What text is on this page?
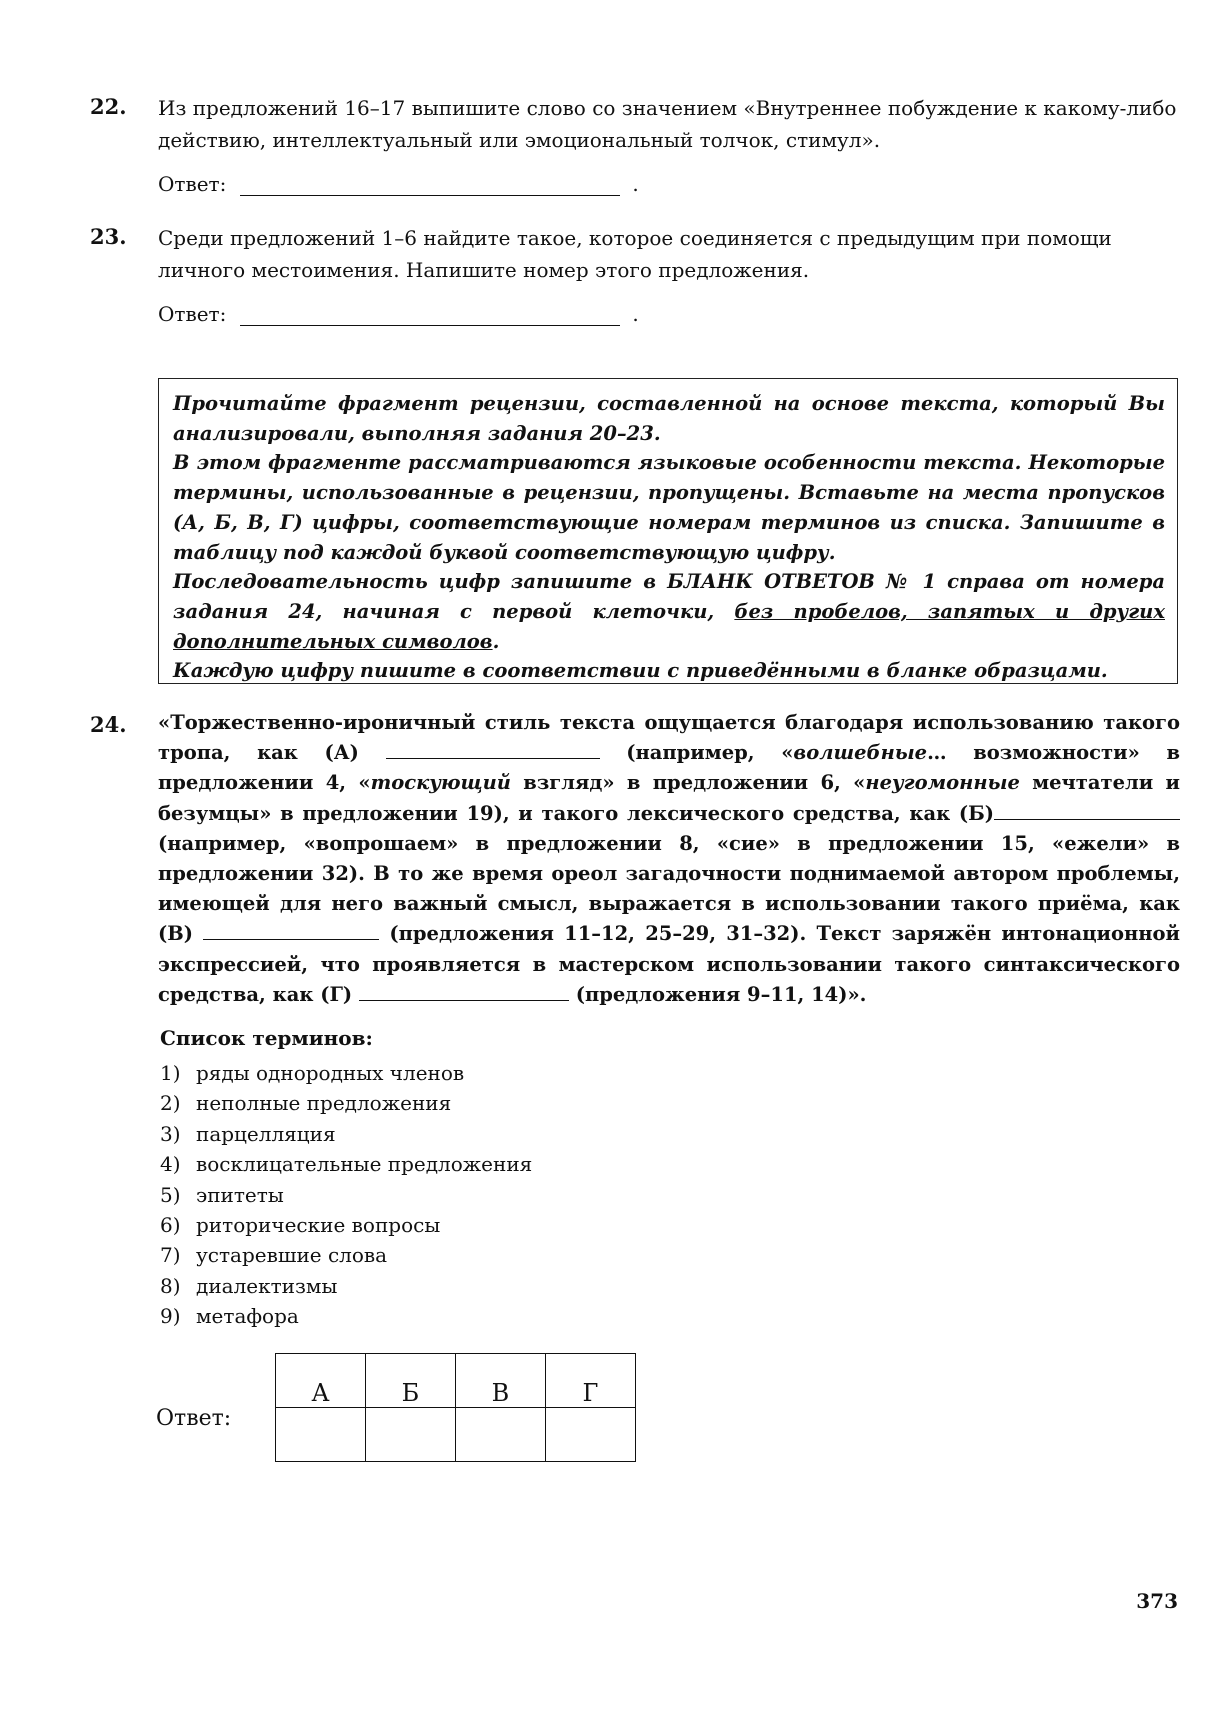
22. Из предложений 16–17 выпишите слово со значением «Внутреннее побуждение к какому-либо действию, интеллектуальный или эмоциональный толчок, стимул».
Ответ:	.
23. Среди предложений 1–6 найдите такое, которое соединяется с предыдущим при помощи личного местоимения. Напишите номер этого предложения.
Ответ:	.

Прочитайте фрагмент рецензии, составленной на основе текста, который Вы анализировали, выполняя задания 20–23.

В этом фрагменте рассматриваются языковые особенности текста. Некоторые термины, использованные в рецензии, пропущены. Вставьте на места пропусков (А, Б, В, Г) цифры, соответствующие номерам терминов из списка. Запишите в таблицу под каждой буквой соответствующую цифру.

Последовательность цифр запишите в БЛАНК ОТВЕТОВ № 1 справа от номера задания 24, начиная с первой клеточки, без пробелов, запятых и других дополнительных символов.

Каждую цифру пишите в соответствии с приведёнными в бланке образцами.

24. «Торжественно-ироничный стиль текста ощущается благодаря использованию такого тропа, как (А)	(например, «волшебные… возможности» в предложении 4, «тоскующий взгляд» в предложении 6, «неугомонные мечтатели и безумцы» в предложении 19), и такого лексического средства, как (Б) (например, «вопрошаем» в предложении 8, «сие» в предложении 15, «ежели» в предложении 32). В то же время ореол загадочности поднимаемой автором проблемы, имеющей для него важный смысл, выражается в использовании такого приёма, как (В)	(предложения 11–12, 25–29, 31–32). Текст заряжён интонационной экспрессией, что проявляется в мастерском использовании такого синтаксического средства, как (Г)	(предложения 9–11, 14)».
Список терминов:
1) ряды однородных членов
2) неполные предложения
3) парцелляция
4) восклицательные предложения
5) эпитеты
6) риторические вопросы
7) устаревшие слова
8) диалектизмы
9) метафора
Ответ:
А	Б	В	Г

373
